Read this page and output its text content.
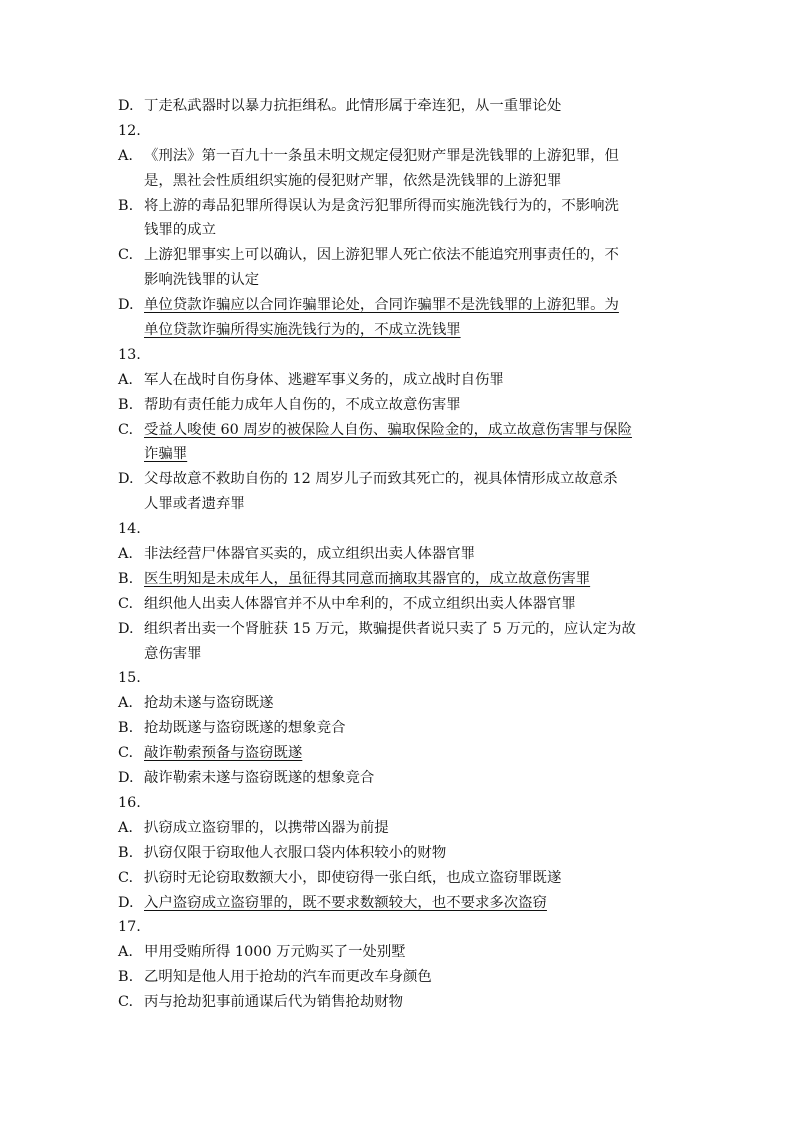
D. 丁走私武器时以暴力抗拒缉私。此情形属于牵连犯，从一重罪论处
12.
A. 《刑法》第一百九十一条虽未明文规定侵犯财产罪是洗钱罪的上游犯罪，但
是，黑社会性质组织实施的侵犯财产罪，依然是洗钱罪的上游犯罪
B. 将上游的毒品犯罪所得误认为是贪污犯罪所得而实施洗钱行为的，不影响洗
钱罪的成立
C. 上游犯罪事实上可以确认，因上游犯罪人死亡依法不能追究刑事责任的，不
影响洗钱罪的认定
D. 单位贷款诈骗应以合同诈骗罪论处，合同诈骗罪不是洗钱罪的上游犯罪。为
单位贷款诈骗所得实施洗钱行为的，不成立洗钱罪
13.
A. 军人在战时自伤身体、逃避军事义务的，成立战时自伤罪
B. 帮助有责任能力成年人自伤的，不成立故意伤害罪
C. 受益人唆使 60 周岁的被保险人自伤、骗取保险金的，成立故意伤害罪与保险
诈骗罪
D. 父母故意不救助自伤的 12 周岁儿子而致其死亡的，视具体情形成立故意杀
人罪或者遗弃罪
14.
A. 非法经营尸体器官买卖的，成立组织出卖人体器官罪
B. 医生明知是未成年人，虽征得其同意而摘取其器官的，成立故意伤害罪
C. 组织他人出卖人体器官并不从中牟利的，不成立组织出卖人体器官罪
D. 组织者出卖一个肾脏获 15 万元，欺骗提供者说只卖了 5 万元的，应认定为故
意伤害罪
15.
A. 抢劫未遂与盗窃既遂
B. 抢劫既遂与盗窃既遂的想象竞合
C. 敲诈勒索预备与盗窃既遂
D. 敲诈勒索未遂与盗窃既遂的想象竞合
16.
A. 扒窃成立盗窃罪的，以携带凶器为前提
B. 扒窃仅限于窃取他人衣服口袋内体积较小的财物
C. 扒窃时无论窃取数额大小，即使窃得一张白纸，也成立盗窃罪既遂
D. 入户盗窃成立盗窃罪的，既不要求数额较大，也不要求多次盗窃
17.
A. 甲用受贿所得 1000 万元购买了一处别墅
B. 乙明知是他人用于抢劫的汽车而更改车身颜色
C. 丙与抢劫犯事前通谋后代为销售抢劫财物
